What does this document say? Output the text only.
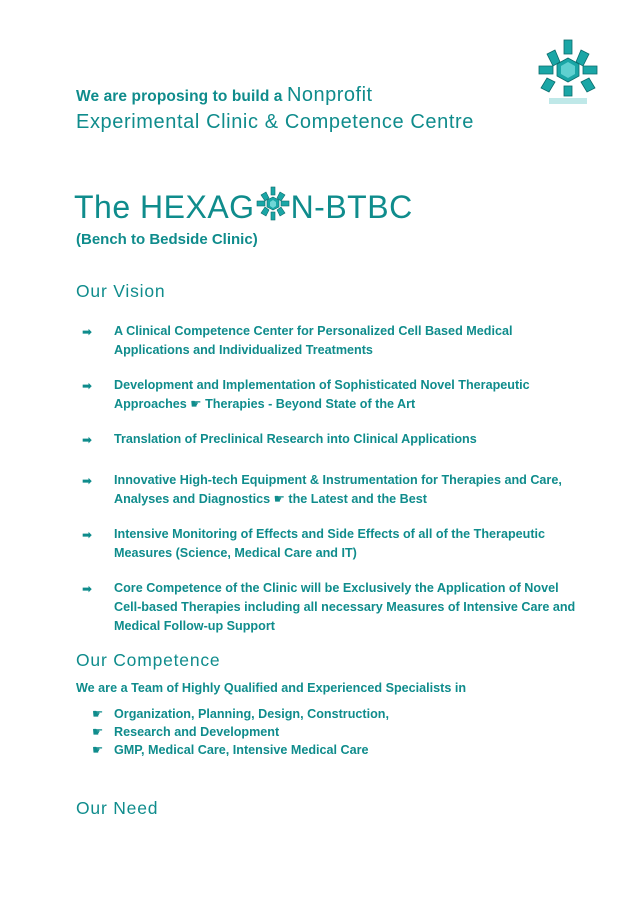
We are proposing to build a Nonprofit
Experimental Clinic & Competence Centre
The HEXAG N-BTBC
(Bench to Bedside Clinic)
Our Vision
➡ A Clinical Competence Center for Personalized Cell Based Medical Applications and Individualized Treatments
➡ Development and Implementation of Sophisticated Novel Therapeutic Approaches ☛ Therapies - Beyond State of the Art
➡ Translation of Preclinical Research into Clinical Applications
➡ Innovative High-tech Equipment & Instrumentation for Therapies and Care, Analyses and Diagnostics ☛ the Latest and the Best
➡ Intensive Monitoring of Effects and Side Effects of all of the Therapeutic Measures (Science, Medical Care and IT)
➡ Core Competence of the Clinic will be Exclusively the Application of Novel Cell-based Therapies including all necessary Measures of Intensive Care and Medical Follow-up Support
Our Competence
We are a Team of Highly Qualified and Experienced Specialists in
☛ Organization, Planning, Design, Construction,
☛ Research and Development
☛ GMP, Medical Care, Intensive Medical Care
Our Need
